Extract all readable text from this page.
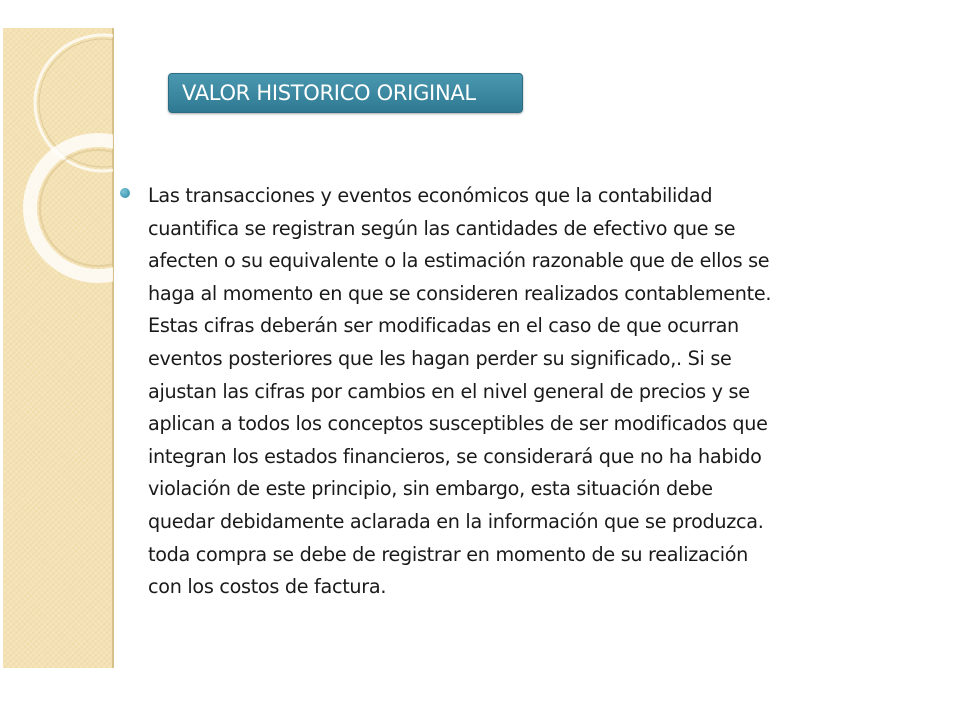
VALOR HISTORICO ORIGINAL

Las transacciones y eventos económicos que la contabilidad
cuantifica se registran según las cantidades de efectivo que se
afecten o su equivalente o la estimación razonable que de ellos se
haga al momento en que se consideren realizados contablemente.
Estas cifras deberán ser modificadas en el caso de que ocurran
eventos posteriores que les hagan perder su significado,. Si se
ajustan las cifras por cambios en el nivel general de precios y se
aplican a todos los conceptos susceptibles de ser modificados que
integran los estados financieros, se considerará que no ha habido
violación de este principio, sin embargo, esta situación debe
quedar debidamente aclarada en la información que se produzca.
toda compra se debe de registrar en momento de su realización
con los costos de factura.
